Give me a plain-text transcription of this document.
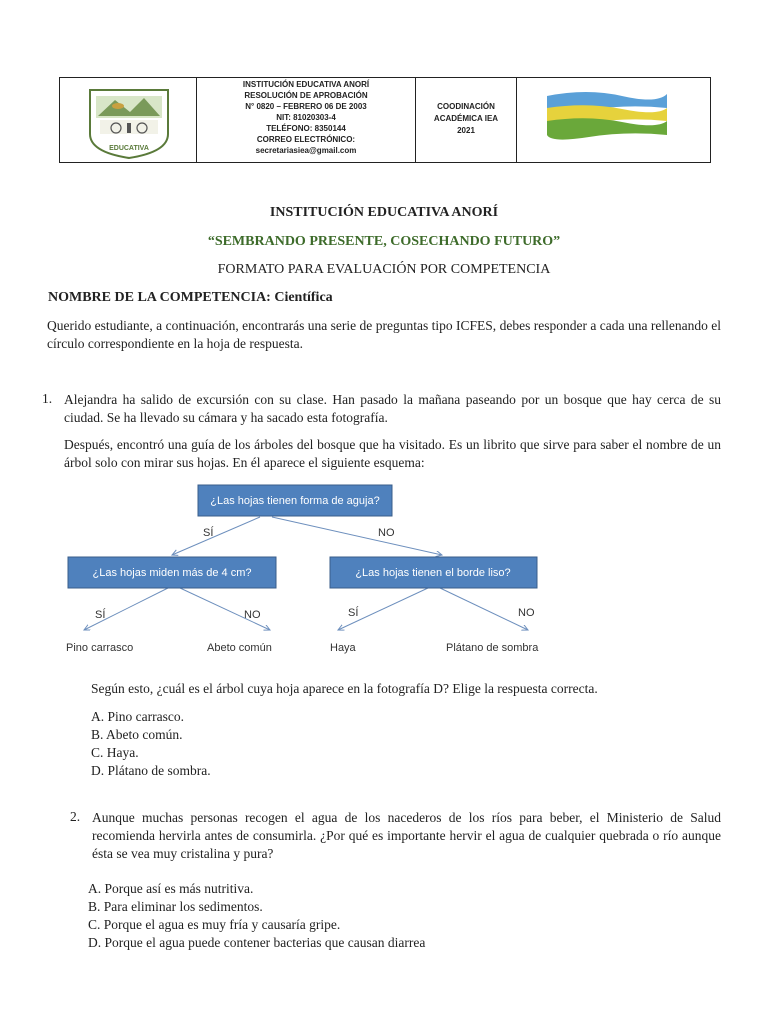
EDUCATIVA
INSTITUCIÓN EDUCATIVA ANORÍ
RESOLUCIÓN DE APROBACIÓN
N° 0820 – FEBRERO 06 DE 2003
NIT: 81020303-4
TELÉFONO: 8350144
CORREO ELECTRÓNICO:
secretariasiea@gmail.com
COODINACIÓN
ACADÉMICA IEA
2021
INSTITUCIÓN EDUCATIVA ANORÍ
“SEMBRANDO PRESENTE, COSECHANDO FUTURO”
FORMATO PARA EVALUACIÓN POR COMPETENCIA
NOMBRE DE LA COMPETENCIA: Científica
Querido estudiante, a continuación, encontrarás una serie de preguntas tipo ICFES, debes responder a cada una rellenando el círculo correspondiente en la hoja de respuesta.
1. Alejandra ha salido de excursión con su clase. Han pasado la mañana paseando por un bosque que hay cerca de su ciudad. Se ha llevado su cámara y ha sacado esta fotografía.
Después, encontró una guía de los árboles del bosque que ha visitado. Es un librito que sirve para saber el nombre de un árbol solo con mirar sus hojas. En él aparece el siguiente esquema:
¿Las hojas tienen forma de aguja?
¿Las hojas miden más de 4 cm?	¿Las hojas tienen el borde liso?
SÍ	NO
SÍ	NO	SÍ	NO
Pino carrasco	Abeto común	Haya	Plátano de sombra
Según esto, ¿cuál es el árbol cuya hoja aparece en la fotografía D? Elige la respuesta correcta.
A. Pino carrasco.
B. Abeto común.
C. Haya.
D. Plátano de sombra.
2. Aunque muchas personas recogen el agua de los nacederos de los ríos para beber, el Ministerio de Salud recomienda hervirla antes de consumirla. ¿Por qué es importante hervir el agua de cualquier quebrada o río aunque ésta se vea muy cristalina y pura?
A. Porque así es más nutritiva.
B. Para eliminar los sedimentos.
C. Porque el agua es muy fría y causaría gripe.
D. Porque el agua puede contener bacterias que causan diarrea
